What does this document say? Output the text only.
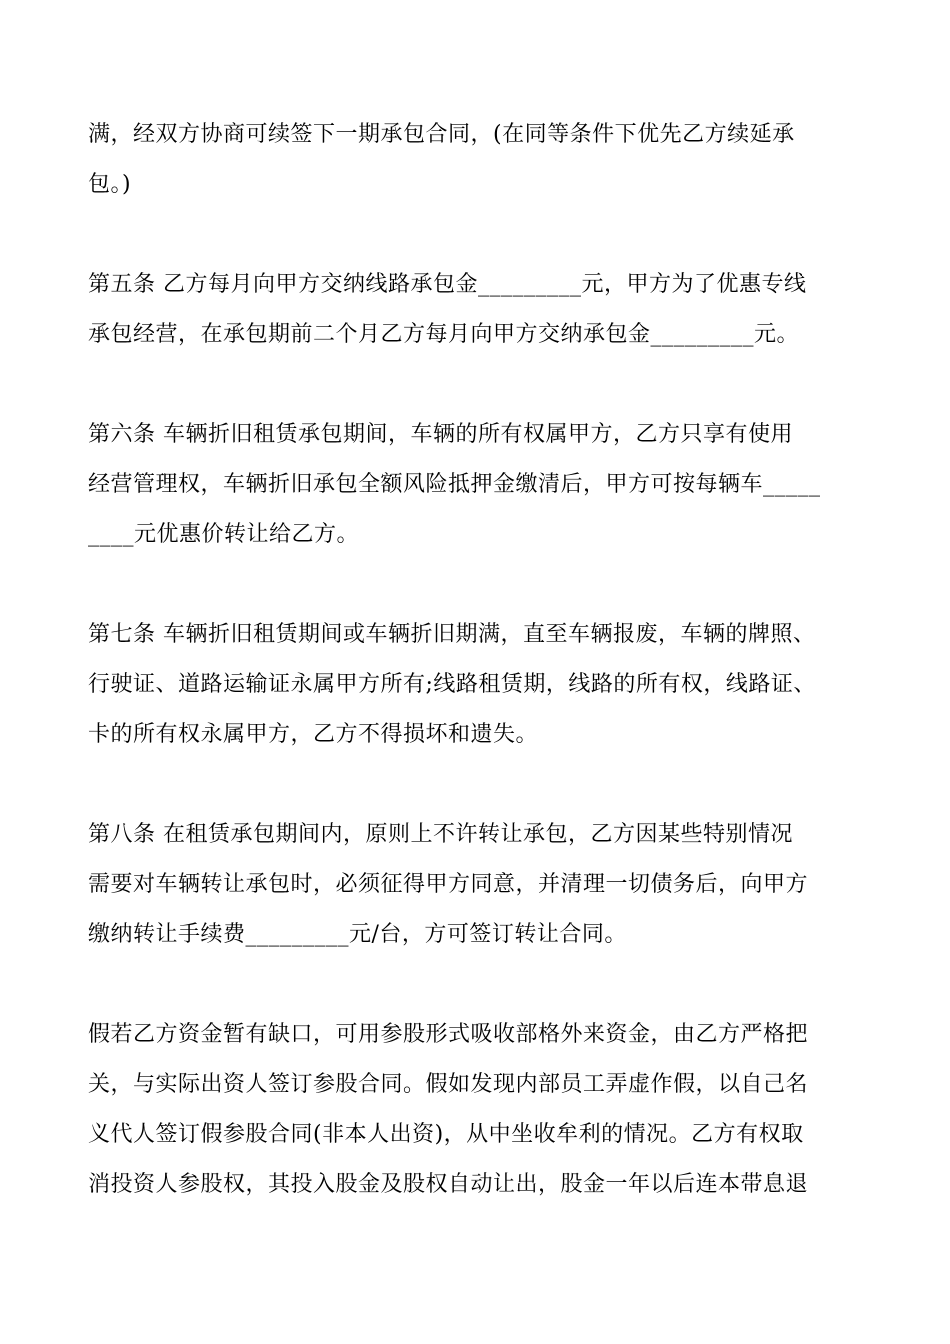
满，经双方协商可续签下一期承包合同，(在同等条件下优先乙方续延承
包。)
第五条 乙方每月向甲方交纳线路承包金_________元，甲方为了优惠专线
承包经营，在承包期前二个月乙方每月向甲方交纳承包金_________元。
第六条 车辆折旧租赁承包期间，车辆的所有权属甲方，乙方只享有使用
经营管理权，车辆折旧承包全额风险抵押金缴清后，甲方可按每辆车_____
____元优惠价转让给乙方。
第七条 车辆折旧租赁期间或车辆折旧期满，直至车辆报废，车辆的牌照、
行驶证、道路运输证永属甲方所有;线路租赁期，线路的所有权，线路证、
卡的所有权永属甲方，乙方不得损坏和遗失。
第八条 在租赁承包期间内，原则上不许转让承包，乙方因某些特别情况
需要对车辆转让承包时，必须征得甲方同意，并清理一切债务后，向甲方
缴纳转让手续费_________元/台，方可签订转让合同。
假若乙方资金暂有缺口，可用参股形式吸收部格外来资金，由乙方严格把
关，与实际出资人签订参股合同。假如发现内部员工弄虚作假，以自己名
义代人签订假参股合同(非本人出资)，从中坐收牟利的情况。乙方有权取
消投资人参股权，其投入股金及股权自动让出，股金一年以后连本带息退
